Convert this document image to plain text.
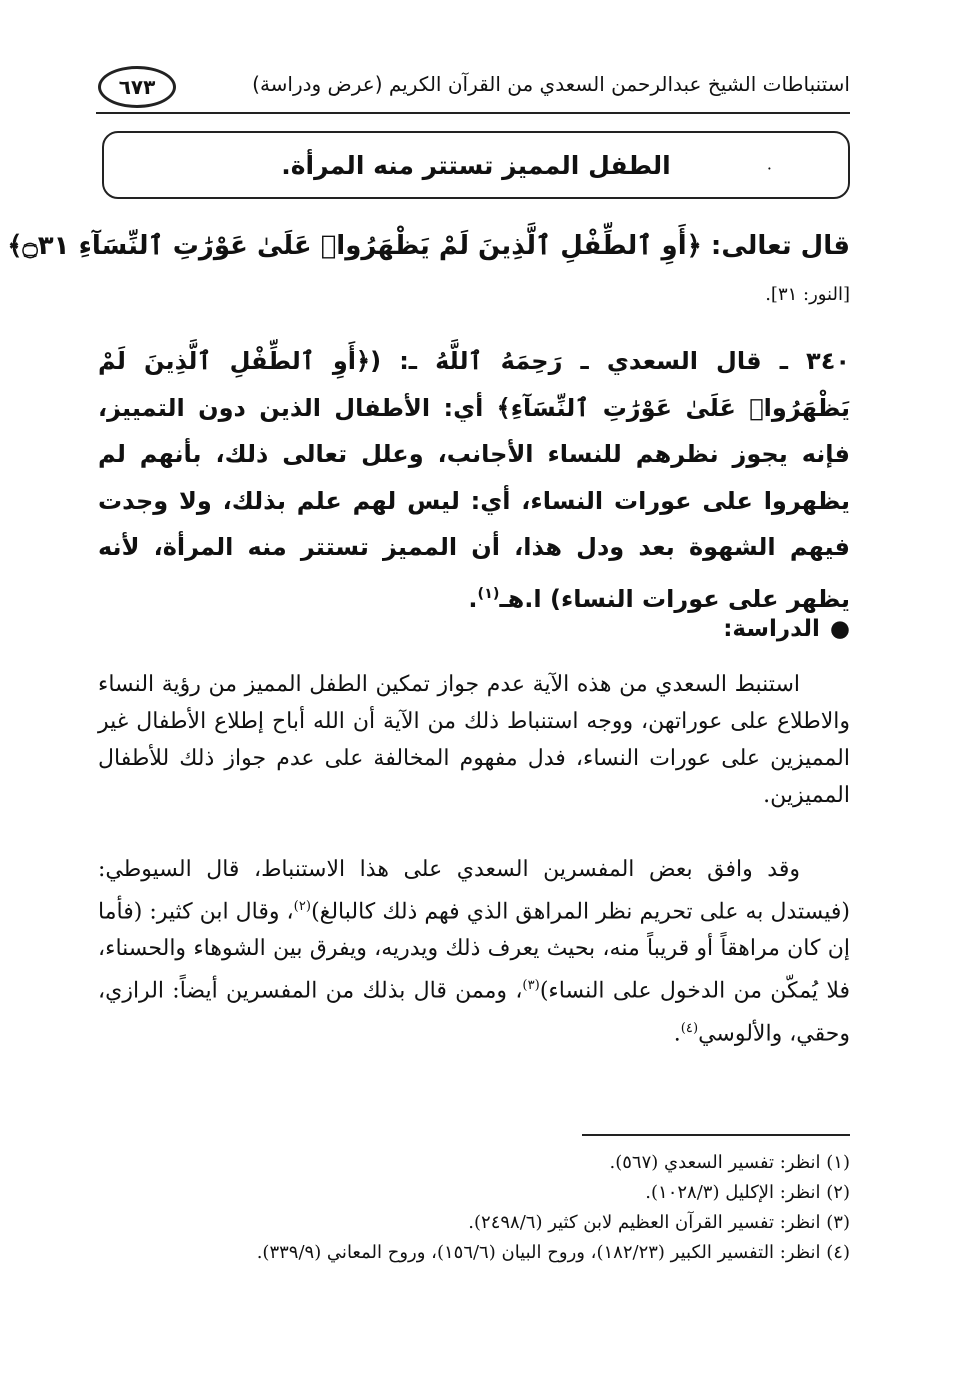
استنباطات الشيخ عبدالرحمن السعدي من القرآن الكريم (عرض ودراسة)
٦٧٣
·
الطفل المميز تستتر منه المرأة.
قال تعالى: ﴿أَوِ ٱلطِّفْلِ ٱلَّذِينَ لَمْ يَظْهَرُوا۟ عَلَىٰ عَوْرَٰتِ ٱلنِّسَآءِ ۝٣١﴾
[النور: ٣١].
٣٤٠ ـ قال السعدي ـ رَحِمَهُ ٱللَّهُ ـ: (﴿أَوِ ٱلطِّفْلِ ٱلَّذِينَ لَمْ يَظْهَرُوا۟ عَلَىٰ عَوْرَٰتِ ٱلنِّسَآءِ﴾ أي: الأطفال الذين دون التمييز، فإنه يجوز نظرهم للنساء الأجانب، وعلل تعالى ذلك، بأنهم لم يظهروا على عورات النساء، أي: ليس لهم علم بذلك، ولا وجدت فيهم الشهوة بعد ودل هذا، أن المميز تستتر منه المرأة، لأنه يظهر على عورات النساء) ا.هـ$^{(١)}$.
●الدراسة:
استنبط السعدي من هذه الآية عدم جواز تمكين الطفل المميز من رؤية النساء والاطلاع على عوراتهن، ووجه استنباط ذلك من الآية أن الله أباح إطلاع الأطفال غير المميزين على عورات النساء، فدل مفهوم المخالفة على عدم جواز ذلك للأطفال المميزين.
وقد وافق بعض المفسرين السعدي على هذا الاستنباط، قال السيوطي: (فيستدل به على تحريم نظر المراهق الذي فهم ذلك كالبالغ)$^{(٢)}$، وقال ابن كثير: (فأما إن كان مراهقاً أو قريباً منه، بحيث يعرف ذلك ويدريه، ويفرق بين الشوهاء والحسناء، فلا يُمكّن من الدخول على النساء)$^{(٣)}$، وممن قال بذلك من المفسرين أيضاً: الرازي، وحقي، والألوسي$^{(٤)}$.
(١) انظر: تفسير السعدي (٥٦٧).
(٢) انظر: الإكليل (١٠٢٨/٣).
(٣) انظر: تفسير القرآن العظيم لابن كثير (٢٤٩٨/٦).
(٤) انظر: التفسير الكبير (١٨٢/٢٣)، وروح البيان (١٥٦/٦)، وروح المعاني (٣٣٩/٩).
